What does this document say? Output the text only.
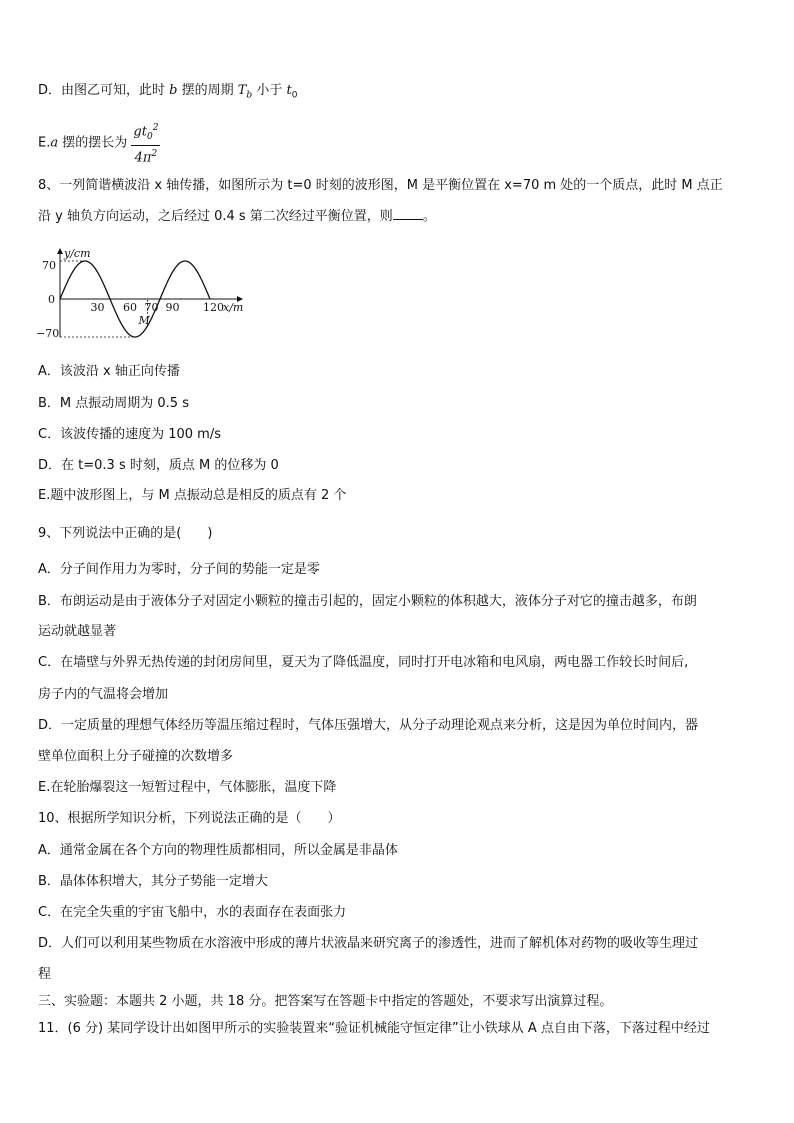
D．由图乙可知，此时 b 摆的周期 $T_b$ 小于 $t_0$
E.a 摆的摆长为 $\frac{gt_0^2}{4\pi^2}$
8、一列简谐横波沿 x 轴传播，如图所示为 t=0 时刻的波形图，M 是平衡位置在 x=70 m 处的一个质点，此时 M 点正
沿 y 轴负方向运动，之后经过 0.4 s 第二次经过平衡位置，则 。
y/cm
x/m
70
0
−70
M
30 60 70 90 120
A．该波沿 x 轴正向传播
B．M 点振动周期为 0.5 s
C．该波传播的速度为 100 m/s
D．在 t=0.3 s 时刻，质点 M 的位移为 0
E.题中波形图上，与 M 点振动总是相反的质点有 2 个
9、下列说法中正确的是(　　)
A．分子间作用力为零时，分子间的势能一定是零
B．布朗运动是由于液体分子对固定小颗粒的撞击引起的，固定小颗粒的体积越大，液体分子对它的撞击越多，布朗
运动就越显著
C．在墙壁与外界无热传递的封闭房间里，夏天为了降低温度，同时打开电冰箱和电风扇，两电器工作较长时间后,
房子内的气温将会增加
D．一定质量的理想气体经历等温压缩过程时，气体压强增大，从分子动理论观点来分析，这是因为单位时间内，器
壁单位面积上分子碰撞的次数增多
E.在轮胎爆裂这一短暂过程中，气体膨胀，温度下降
10、根据所学知识分析，下列说法正确的是（　　）
A．通常金属在各个方向的物理性质都相同，所以金属是非晶体
B．晶体体积增大，其分子势能一定增大
C．在完全失重的宇宙飞船中，水的表面存在表面张力
D．人们可以利用某些物质在水溶液中形成的薄片状液晶来研究离子的渗透性，进而了解机体对药物的吸收等生理过
程
三、实验题：本题共 2 小题，共 18 分。把答案写在答题卡中指定的答题处，不要求写出演算过程。
11．(6 分) 某同学设计出如图甲所示的实验装置来“验证机械能守恒定律”让小铁球从 A 点自由下落，下落过程中经过
